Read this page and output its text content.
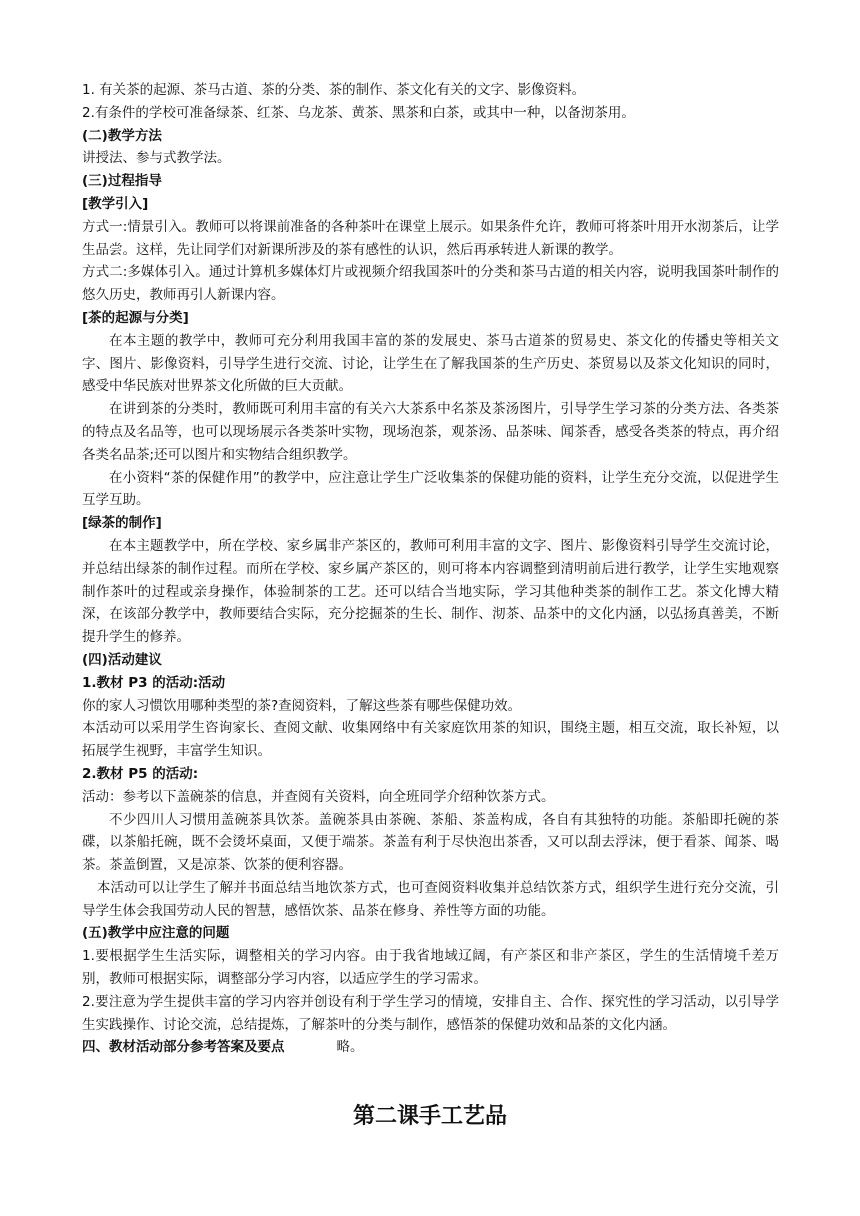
1. 有关茶的起源、茶马古道、茶的分类、茶的制作、茶文化有关的文字、影像资料。

2.有条件的学校可准备绿茶、红茶、乌龙茶、黄茶、黑茶和白茶，或其中一种，以备沏茶用。

(二)教学方法

讲授法、参与式教学法。

(三)过程指导

[教学引入]

方式一:情景引入。教师可以将课前准备的各种茶叶在课堂上展示。如果条件允许，教师可将茶叶用开水沏茶后，让学生品尝。这样，先让同学们对新课所涉及的茶有感性的认识，然后再承转进人新课的教学。

方式二:多媒体引入。通过计算机多媒体灯片或视频介绍我国茶叶的分类和茶马古道的相关内容，说明我国茶叶制作的悠久历史，教师再引人新课内容。

[茶的起源与分类]

在本主题的教学中，教师可充分利用我国丰富的茶的发展史、茶马古道茶的贸易史、茶文化的传播史等相关文字、图片、影像资料，引导学生进行交流、讨论，让学生在了解我国茶的生产历史、茶贸易以及茶文化知识的同时，感受中华民族对世界茶文化所做的巨大贡献。

在讲到茶的分类时，教师既可利用丰富的有关六大茶系中名茶及茶汤图片，引导学生学习茶的分类方法、各类茶的特点及名品等，也可以现场展示各类茶叶实物，现场泡茶，观茶汤、品茶味、闻茶香，感受各类茶的特点，再介绍各类名品茶;还可以图片和实物结合组织教学。

在小资料“茶的保健作用”的教学中，应注意让学生广泛收集茶的保健功能的资料，让学生充分交流，以促进学生互学互助。

[绿茶的制作]

在本主题教学中，所在学校、家乡属非产茶区的，教师可利用丰富的文字、图片、影像资料引导学生交流讨论，并总结出绿茶的制作过程。而所在学校、家乡属产茶区的，则可将本内容调整到清明前后进行教学，让学生实地观察制作茶叶的过程或亲身操作，体验制茶的工艺。还可以结合当地实际，学习其他种类茶的制作工艺。茶文化博大精深，在该部分教学中，教师要结合实际，充分挖掘茶的生长、制作、沏茶、品茶中的文化内涵，以弘扬真善美，不断提升学生的修养。

(四)活动建议

1.教材 P3 的活动:活动

你的家人习惯饮用哪种类型的茶?查阅资料，了解这些茶有哪些保健功效。

本活动可以采用学生咨询家长、查阅文献、收集网络中有关家庭饮用茶的知识，围绕主题，相互交流，取长补短，以拓展学生视野，丰富学生知识。

2.教材 P5 的活动:

活动：参考以下盖碗茶的信息，并查阅有关资料，向全班同学介绍种饮茶方式。

不少四川人习惯用盖碗茶具饮茶。盖碗茶具由茶碗、茶船、茶盖构成，各自有其独特的功能。茶船即托碗的茶碟，以茶船托碗，既不会烫坏桌面，又便于端茶。茶盖有利于尽快泡出茶香，又可以刮去浮沫，便于看茶、闻茶、喝茶。茶盖倒置，又是凉茶、饮茶的便利容器。

本活动可以让学生了解并书面总结当地饮茶方式，也可查阅资料收集并总结饮茶方式，组织学生进行充分交流，引导学生体会我国劳动人民的智慧，感悟饮茶、品茶在修身、养性等方面的功能。

(五)教学中应注意的问题

1.要根据学生生活实际，调整相关的学习内容。由于我省地域辽阔，有产茶区和非产茶区，学生的生活情境千差万别，教师可根据实际，调整部分学习内容，以适应学生的学习需求。

2.要注意为学生提供丰富的学习内容并创设有利于学生学习的情境，安排自主、合作、探究性的学习活动，以引导学生实践操作、讨论交流，总结提炼，了解茶叶的分类与制作，感悟茶的保健功效和品茶的文化内涵。

四、教材活动部分参考答案及要点	略。

第二课手工艺品
